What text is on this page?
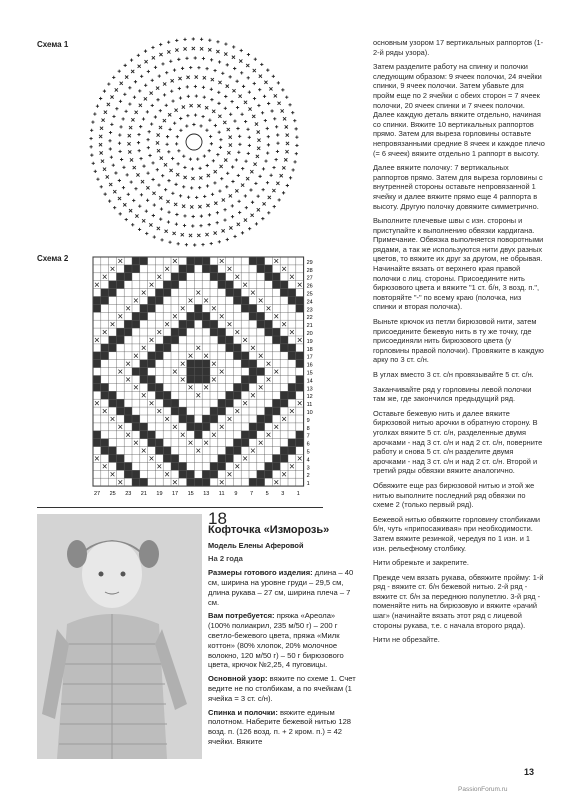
Схема 1
Схема 2	29
28
27
26
25
24
23
22
21
20
19
18
17
16
15
14
13
12
11
10
9
8
7
6
5
4
3
2
1
27 25 23 21 19 17 15 13 11 9 7 5 3 1
18
Кофточка «Изморозь»
Модель Елены Аферовой
На 2 года

Размеры готового изделия: длина – 40 см, ширина на уровне груди – 29,5 см, длина рукава – 27 см, ширина плеча – 7 см.

Вам потребуется: пряжа «Ареола» (100% полиакрил, 235 м/50 г) – 200 г светло-бежевого цвета, пряжа «Милк коттон» (80% хлопок, 20% молочное волокно, 120 м/50 г) – 50 г бирюзового цвета, крючок №2,25, 4 пуговицы.

Основной узор: вяжите по схеме 1. Счет ведите не по столбикам, а по ячейкам (1 ячейка = 3 ст. с/н).

Спинка и полочки: вяжите единым полотном. Наберите бежевой нитью 128 возд. п. (126 возд. п. + 2 кром. п.) = 42 ячейки. Вяжите

основным узором 17 вертикальных раппортов (1-2-й ряды узора).

Затем разделите работу на спинку и полочки следующим образом: 9 ячеек полочки, 24 ячейки спинки, 9 ячеек полочки. Затем убавьте для пройм еще по 2 ячейки с обеих сторон = 7 ячеек полочки, 20 ячеек спинки и 7 ячеек полочки. Далее каждую деталь вяжите отдельно, начиная со спинки. Вяжите 10 вертикальных раппортов прямо. Затем для выреза горловины оставьте непровязанными средние 8 ячеек и каждое плечо (= 6 ячеек) вяжите отдельно 1 раппорт в высоту.

Далее вяжите полочку: 7 вертикальных раппортов прямо. Затем для выреза горловины с внутренней стороны оставьте непровязанной 1 ячейку и далее вяжите прямо еще 4 раппорта в высоту. Другую полочку довяжите симметрично.

Выполните плечевые швы с изн. стороны и приступайте к выполнению обвязки кардигана. Примечание. Обвязка выполняется поворотными рядами, а так же используются нити двух разных цветов, то вяжите их друг за другом, не обрывая. Начинайте вязать от верхнего края правой полочки с лиц. стороны. Присоедините нить бирюзового цвета и вяжите "1 ст. б/н, 3 возд. п.", повторяйте "-" по всему краю (полочка, низ спинки и вторая полочка).

Выньте крючок из петли бирюзовой нити, затем присоедините бежевую нить в ту же точку, где присоединяли нить бирюзового цвета (у горловины правой полочки). Провяжите в каждую арку по 3 ст. с/н.

В углах вместо 3 ст. с/н провязывайте 5 ст. с/н.

Заканчивайте ряд у горловины левой полочки там же, где закончился предыдущий ряд.

Оставьте бежевую нить и далее вяжите бирюзовой нитью арочки в обратную сторону. В уголках вяжите 5 ст. с/н, разделенные двумя арочками - над 3 ст. с/н и над 2 ст. с/н, поверните работу и снова 5 ст. с/н разделите двумя арочками - над 3 ст. с/н и над 2 ст. с/н. Второй и третий ряды обвязки вяжите аналогично.

Обвяжите еще раз бирюзовой нитью и этой же нитью выполните последний ряд обвязки по схеме 2 (только первый ряд).

Бежевой нитью обвяжите горловину столбиками б/н, чуть «припосаживая» при необходимости. Затем вяжите резинкой, чередуя по 1 изн. и 1 изн. рельефному столбику.

Нити обрежьте и закрепите.

Прежде чем вязать рукава, обвяжите пройму: 1-й ряд - вяжите ст. б/н бежевой нитью. 2-й ряд - вяжите ст. б/н за переднюю полупетлю. 3-й ряд - поменяйте нить на бирюзовую и вяжите «рачий шаг» (начинайте вязать этот ряд с лицевой стороны рукава, т.е. с начала второго ряда).

Нити не обрезайте.

13
PassionForum.ru
